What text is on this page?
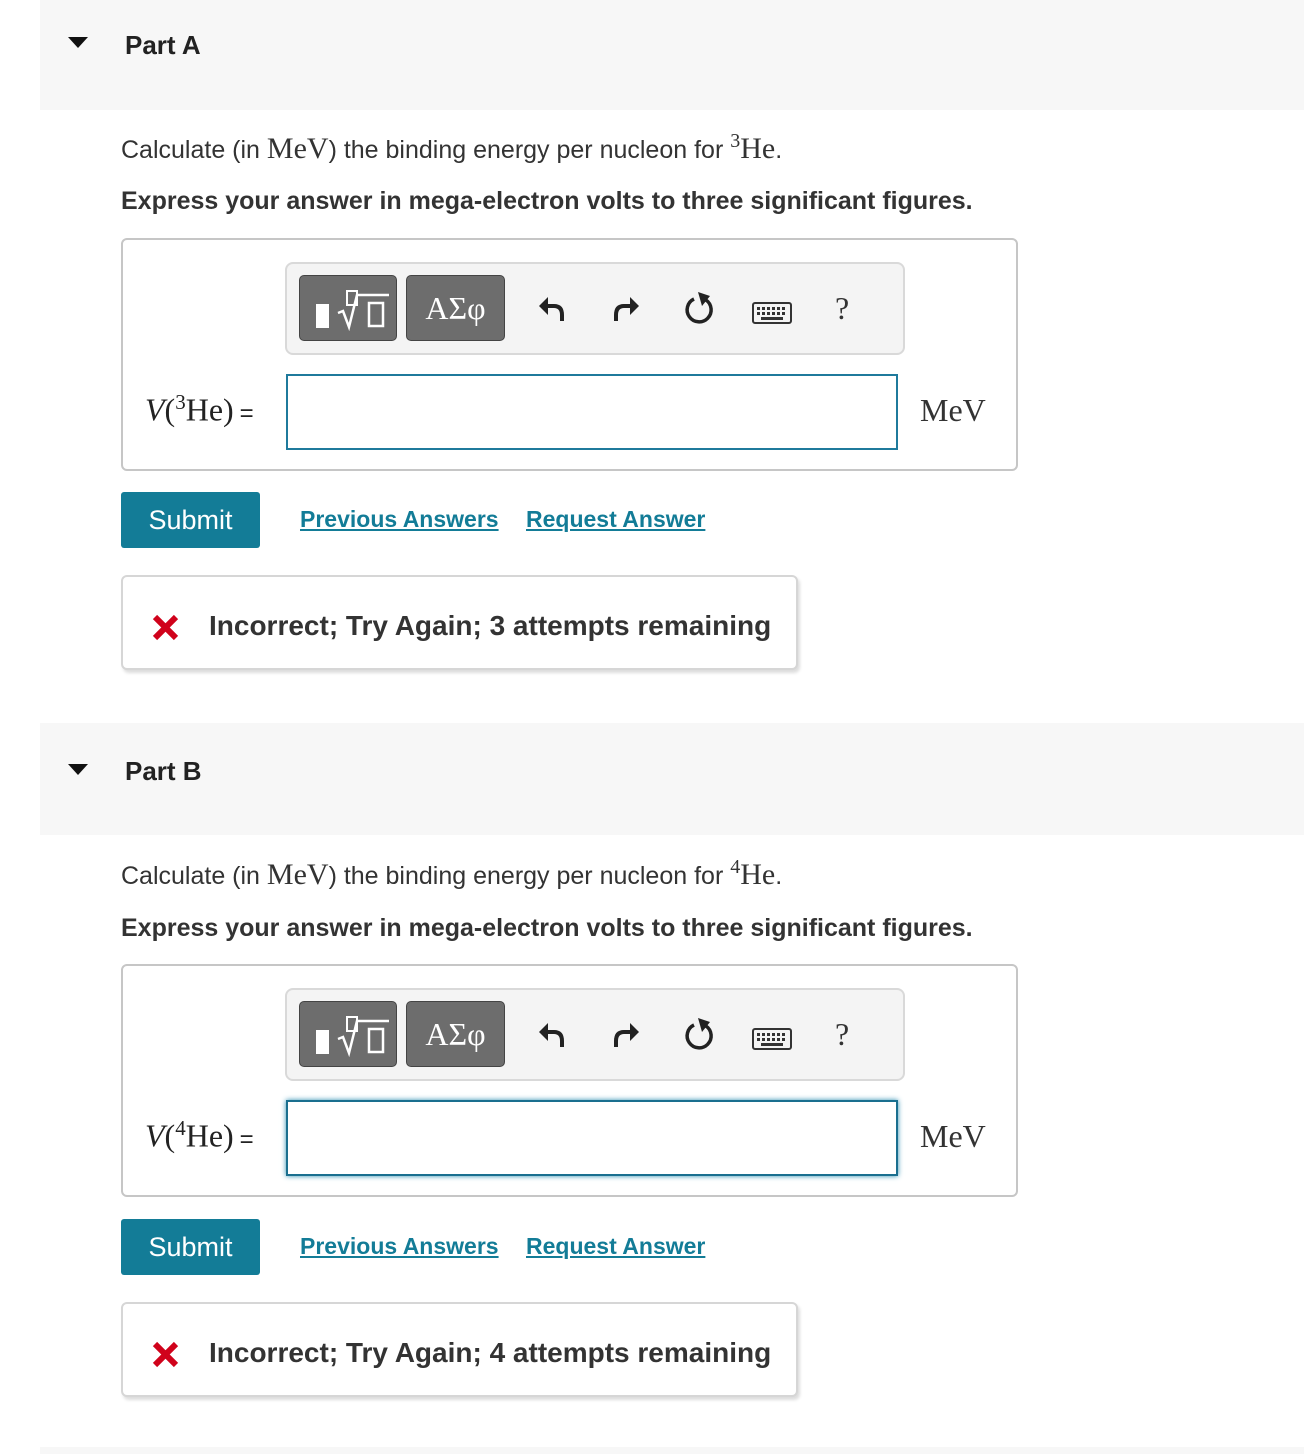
Part A
Calculate (in MeV) the binding energy per nucleon for $^3$He.
Express your answer in mega-electron volts to three significant figures.
ΑΣφ	?
V($^3$He) =	MeV
Submit	Previous Answers Request Answer
Incorrect; Try Again; 3 attempts remaining
Part B
Calculate (in MeV) the binding energy per nucleon for $^4$He.
Express your answer in mega-electron volts to three significant figures.
ΑΣφ	?
V($^4$He) =	MeV
Submit	Previous Answers Request Answer
Incorrect; Try Again; 4 attempts remaining
